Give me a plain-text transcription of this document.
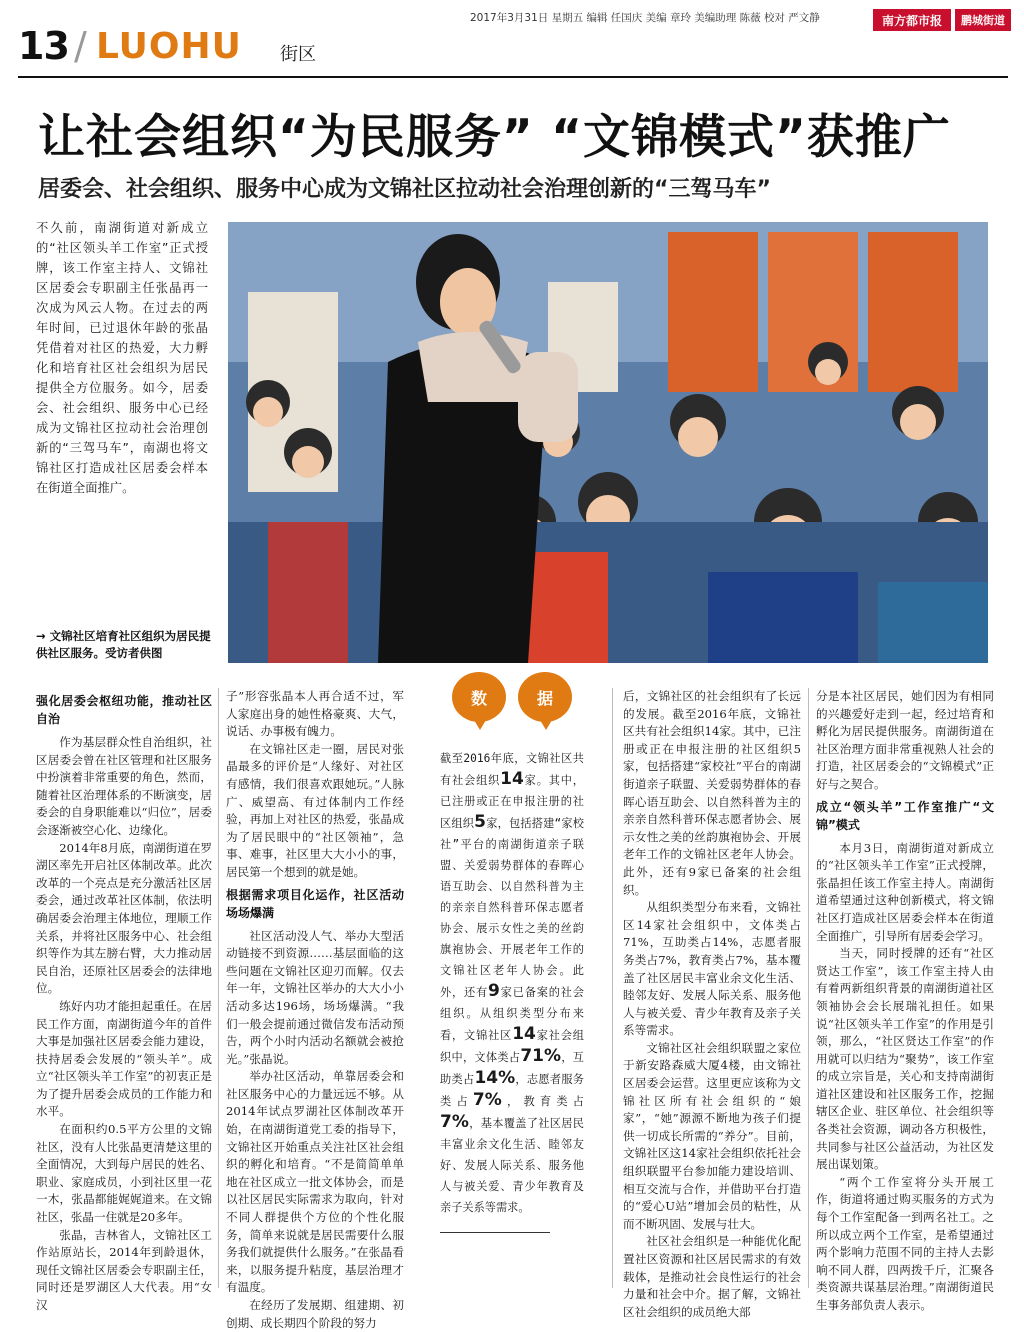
2017年3月31日 星期五 编辑 任国庆 美编 章玲 美编助理 陈薇 校对 严文静	南方都市报	鹏城街道
13 / LUOHU 街区
让社会组织“为民服务” “文锦模式”获推广
居委会、社会组织、服务中心成为文锦社区拉动社会治理创新的“三驾马车”
不久前，南湖街道对新成立的“社区领头羊工作室”正式授牌，该工作室主持人、文锦社区居委会专职副主任张晶再一次成为风云人物。在过去的两年时间，已过退休年龄的张晶凭借着对社区的热爱，大力孵化和培育社区社会组织为居民提供全方位服务。如今，居委会、社会组织、服务中心已经成为文锦社区拉动社会治理创新的“三驾马车”，南湖也将文锦社区打造成社区居委会样本在街道全面推广。
→ 文锦社区培育社区组织为居民提供社区服务。受访者供图
强化居委会枢纽功能，推动社区自治

作为基层群众性自治组织，社区居委会曾在社区管理和社区服务中扮演着非常重要的角色，然而，随着社区治理体系的不断演变，居委会的自身职能难以“归位”，居委会逐渐被空心化、边缘化。

2014年8月底，南湖街道在罗湖区率先开启社区体制改革。此次改革的一个亮点是充分激活社区居委会，通过改革社区体制，依法明确居委会治理主体地位，理顺工作关系，并将社区服务中心、社会组织等作为其左膀右臂，大力推动居民自治，还原社区居委会的法律地位。

练好内功才能担起重任。在居民工作方面，南湖街道今年的首件大事是加强社区居委会能力建设，扶持居委会发展的“领头羊”。成立“社区领头羊工作室”的初衷正是为了提升居委会成员的工作能力和水平。

在面积约0.5平方公里的文锦社区，没有人比张晶更清楚这里的全面情况，大到每户居民的姓名、职业、家庭成员，小到社区里一花一木，张晶都能娓娓道来。在文锦社区，张晶一住就是20多年。

张晶，吉林省人，文锦社区工作站原站长，2014年到龄退休，现任文锦社区居委会专职副主任，同时还是罗湖区人大代表。用“女汉

子”形容张晶本人再合适不过，军人家庭出身的她性格豪爽、大气，说话、办事极有魄力。

在文锦社区走一圈，居民对张晶最多的评价是“人缘好、对社区有感情，我们很喜欢跟她玩。”人脉广、威望高、有过体制内工作经验，再加上对社区的热爱，张晶成为了居民眼中的“社区领袖”，急事、难事，社区里大大小小的事，居民第一个想到的就是她。

根据需求项目化运作，社区活动场场爆满

社区活动没人气、举办大型活动链接不到资源……基层面临的这些问题在文锦社区迎刃而解。仅去年一年，文锦社区举办的大大小小活动多达196场，场场爆满。“我们一般会提前通过微信发布活动预告，两个小时内活动名额就会被抢光。”张晶说。

举办社区活动，单靠居委会和社区服务中心的力量远远不够。从2014年试点罗湖社区体制改革开始，在南湖街道党工委的指导下，文锦社区开始重点关注社区社会组织的孵化和培育。“不是简简单单地在社区成立一批文体协会，而是以社区居民实际需求为取向，针对不同人群提供个方位的个性化服务，简单来说就是居民需要什么服务我们就提供什么服务。”在张晶看来，以服务提升粘度，基层治理才有温度。

在经历了发展期、组建期、初创期、成长期四个阶段的努力

数	据
截至2016年底，文锦社区共有社会组织14家。其中，已注册或正在申报注册的社区组织5家，包括搭建“家校社”平台的南湖街道亲子联盟、关爱弱势群体的春晖心语互助会、以自然科普为主的亲亲自然科普环保志愿者协会、展示女性之美的丝韵旗袍协会、开展老年工作的文锦社区老年人协会。此外，还有9家已备案的社会组织。从组织类型分布来看，文锦社区14家社会组织中，文体类占71%，互助类占14%，志愿者服务类占7%，教育类占7%，基本覆盖了社区居民丰富业余文化生活、睦邻友好、发展人际关系、服务他人与被关爱、青少年教育及亲子关系等需求。

后，文锦社区的社会组织有了长远的发展。截至2016年底，文锦社区共有社会组织14家。其中，已注册或正在申报注册的社区组织5家，包括搭建“家校社”平台的南湖街道亲子联盟、关爱弱势群体的春晖心语互助会、以自然科普为主的亲亲自然科普环保志愿者协会、展示女性之美的丝韵旗袍协会、开展老年工作的文锦社区老年人协会。此外，还有9家已备案的社会组织。

从组织类型分布来看，文锦社区14家社会组织中，文体类占71%，互助类占14%，志愿者服务类占7%，教育类占7%，基本覆盖了社区居民丰富业余文化生活、睦邻友好、发展人际关系、服务他人与被关爱、青少年教育及亲子关系等需求。

文锦社区社会组织联盟之家位于新安路森威大厦4楼，由文锦社区居委会运营。这里更应该称为文锦社区所有社会组织的“娘家”，“她”源源不断地为孩子们提供一切成长所需的“养分”。目前，文锦社区这14家社会组织依托社会组织联盟平台参加能力建设培训、相互交流与合作，并借助平台打造的“爱心U站”增加会员的粘性，从而不断巩固、发展与壮大。

社区社会组织是一种能优化配置社区资源和社区居民需求的有效载体，是推动社会良性运行的社会力量和社会中介。据了解，文锦社区社会组织的成员绝大部

分是本社区居民，她们因为有相同的兴趣爱好走到一起，经过培育和孵化为居民提供服务。南湖街道在社区治理方面非常重视熟人社会的打造，社区居委会的“文锦模式”正好与之契合。

成立“领头羊”工作室推广“文锦”模式

本月3日，南湖街道对新成立的“社区领头羊工作室”正式授牌，张晶担任该工作室主持人。南湖街道希望通过这种创新模式，将文锦社区打造成社区居委会样本在街道全面推广，引导所有居委会学习。

当天，同时授牌的还有“社区贤达工作室”，该工作室主持人由有着两新组织背景的南湖街道社区领袖协会会长展瑞礼担任。如果说“社区领头羊工作室”的作用是引领，那么，“社区贤达工作室”的作用就可以归结为“聚势”，该工作室的成立宗旨是，关心和支持南湖街道社区建设和社区服务工作，挖掘辖区企业、驻区单位、社会组织等各类社会资源，调动各方积极性，共同参与社区公益活动，为社区发展出谋划策。

“两个工作室将分头开展工作，街道将通过购买服务的方式为每个工作室配备一到两名社工。之所以成立两个工作室，是希望通过两个影响力范围不同的主持人去影响不同人群，四两拨千斤，汇聚各类资源共谋基层治理。”南湖街道民生事务部负责人表示。
